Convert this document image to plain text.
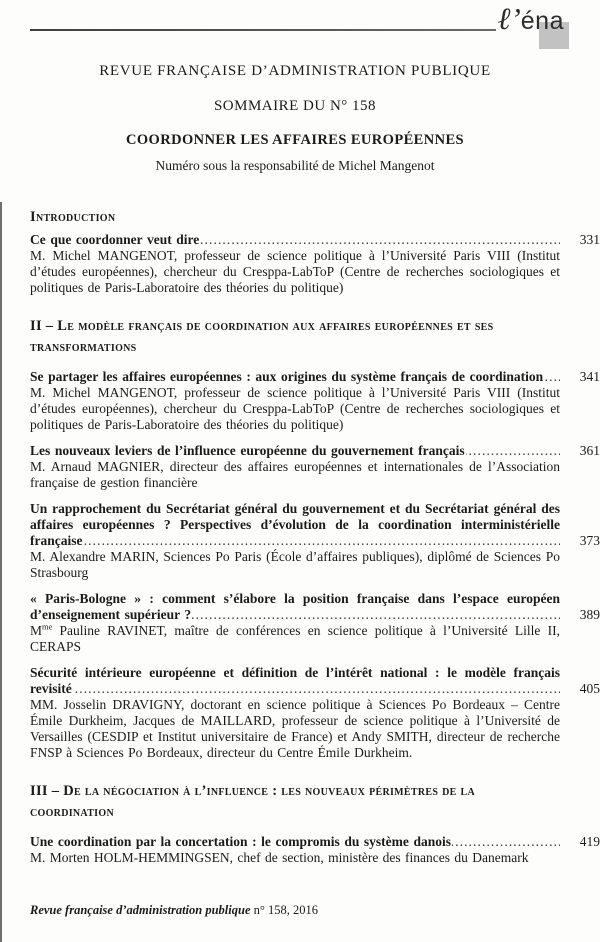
ℓ’éna
REVUE FRANÇAISE D’ADMINISTRATION PUBLIQUE
SOMMAIRE DU N° 158
COORDONNER LES AFFAIRES EUROPÉENNES

Numéro sous la responsabilité de Michel Mangenot

Introduction
.....
Ce que coordonner veut dire	331

M. Michel MANGENOT, professeur de science politique à l’Université Paris VIII (Institut d’études européennes), chercheur du Cresppa-LabToP (Centre de recherches sociologiques et politiques de Paris-Laboratoire des théories du politique)

II – Le modèle français de coordination aux affaires européennes et ses transformations
.....
Se partager les affaires européennes : aux origines du système français de coordination	341

M. Michel MANGENOT, professeur de science politique à l’Université Paris VIII (Institut d’études européennes), chercheur du Cresppa-LabToP (Centre de recherches sociologiques et politiques de Paris-Laboratoire des théories du politique)

.....
Les nouveaux leviers de l’influence européenne du gouvernement français	361

M. Arnaud MAGNIER, directeur des affaires européennes et internationales de l’Association française de gestion financière

.....
Un rapprochement du Secrétariat général du gouvernement et du Secrétariat général des affaires européennes ? Perspectives d’évolution de la coordination interministérielle française	373

M. Alexandre MARIN, Sciences Po Paris (École d’affaires publiques), diplômé de Sciences Po Strasbourg

.....
« Paris-Bologne » : comment s’élabore la position française dans l’espace européen d’enseignement supérieur ?	389

$M^{me}$ Pauline RAVINET, maître de conférences en science politique à l’Université Lille II, CERAPS

.....
Sécurité intérieure européenne et définition de l’intérêt national : le modèle français revisité	405

MM. Josselin DRAVIGNY, doctorant en science politique à Sciences Po Bordeaux – Centre Émile Durkheim, Jacques de MAILLARD, professeur de science politique à l’Université de Versailles (CESDIP et Institut universitaire de France) et Andy SMITH, directeur de recherche FNSP à Sciences Po Bordeaux, directeur du Centre Émile Durkheim.

III – De la négociation à l’influence : les nouveaux périmètres de la coordination
.....
Une coordination par la concertation : le compromis du système danois	419

M. Morten HOLM-HEMMINGSEN, chef de section, ministère des finances du Danemark

Revue française d’administration publique n° 158, 2016
